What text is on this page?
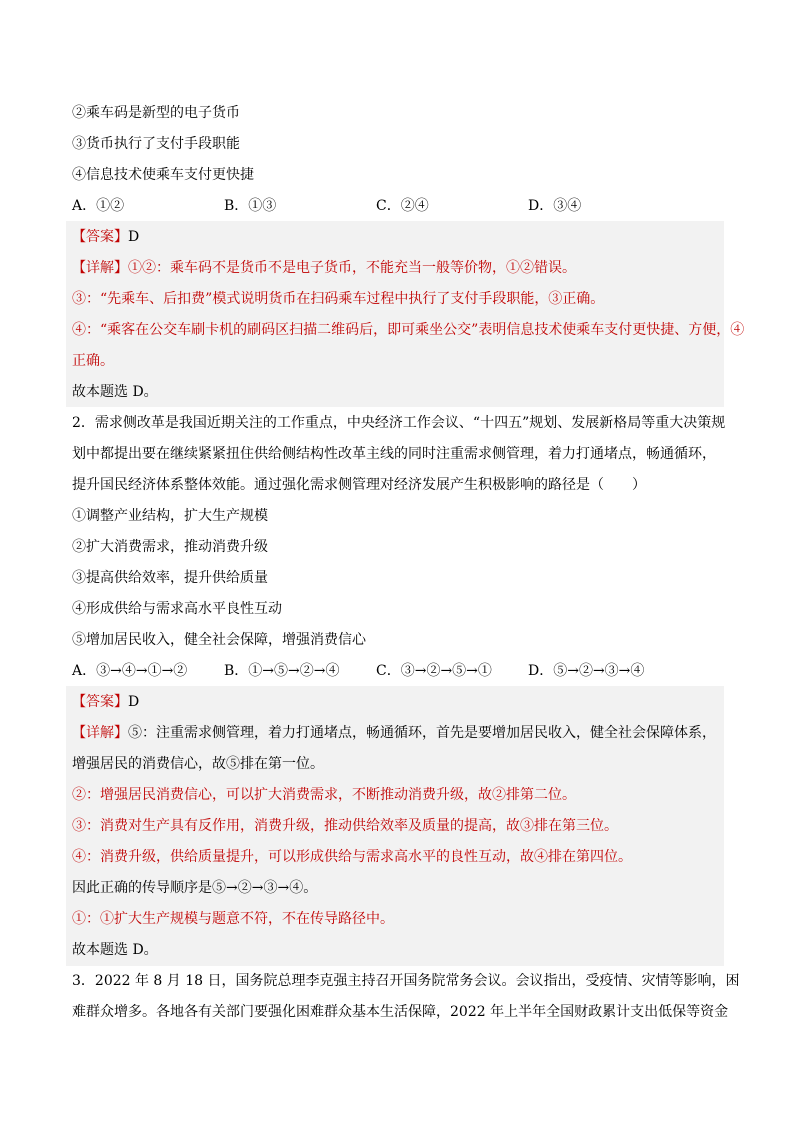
②乘车码是新型的电子货币
③货币执行了支付手段职能
④信息技术使乘车支付更快捷
A．①②	B．①③	C．②④	D．③④
【答案】D
【详解】①②：乘车码不是货币不是电子货币，不能充当一般等价物，①②错误。
③：“先乘车、后扣费”模式说明货币在扫码乘车过程中执行了支付手段职能，③正确。
④：“乘客在公交车刷卡机的刷码区扫描二维码后，即可乘坐公交”表明信息技术使乘车支付更快捷、方便，④
正确。
故本题选 D。
2．需求侧改革是我国近期关注的工作重点，中央经济工作会议、“十四五”规划、发展新格局等重大决策规
划中都提出要在继续紧紧扭住供给侧结构性改革主线的同时注重需求侧管理，着力打通堵点，畅通循环，
提升国民经济体系整体效能。通过强化需求侧管理对经济发展产生积极影响的路径是（　　）
①调整产业结构，扩大生产规模
②扩大消费需求，推动消费升级
③提高供给效率，提升供给质量
④形成供给与需求高水平良性互动
⑤增加居民收入，健全社会保障，增强消费信心
A．③→④→①→②	B．①→⑤→②→④	C．③→②→⑤→①	D．⑤→②→③→④
【答案】D
【详解】⑤：注重需求侧管理，着力打通堵点，畅通循环，首先是要增加居民收入，健全社会保障体系，
增强居民的消费信心，故⑤排在第一位。
②：增强居民消费信心，可以扩大消费需求，不断推动消费升级，故②排第二位。
③：消费对生产具有反作用，消费升级，推动供给效率及质量的提高，故③排在第三位。
④：消费升级，供给质量提升，可以形成供给与需求高水平的良性互动，故④排在第四位。
因此正确的传导顺序是⑤→②→③→④。
①：①扩大生产规模与题意不符，不在传导路径中。
故本题选 D。
3．2022 年 8 月 18 日，国务院总理李克强主持召开国务院常务会议。会议指出，受疫情、灾情等影响，困
难群众增多。各地各有关部门要强化困难群众基本生活保障，2022 年上半年全国财政累计支出低保等资金
